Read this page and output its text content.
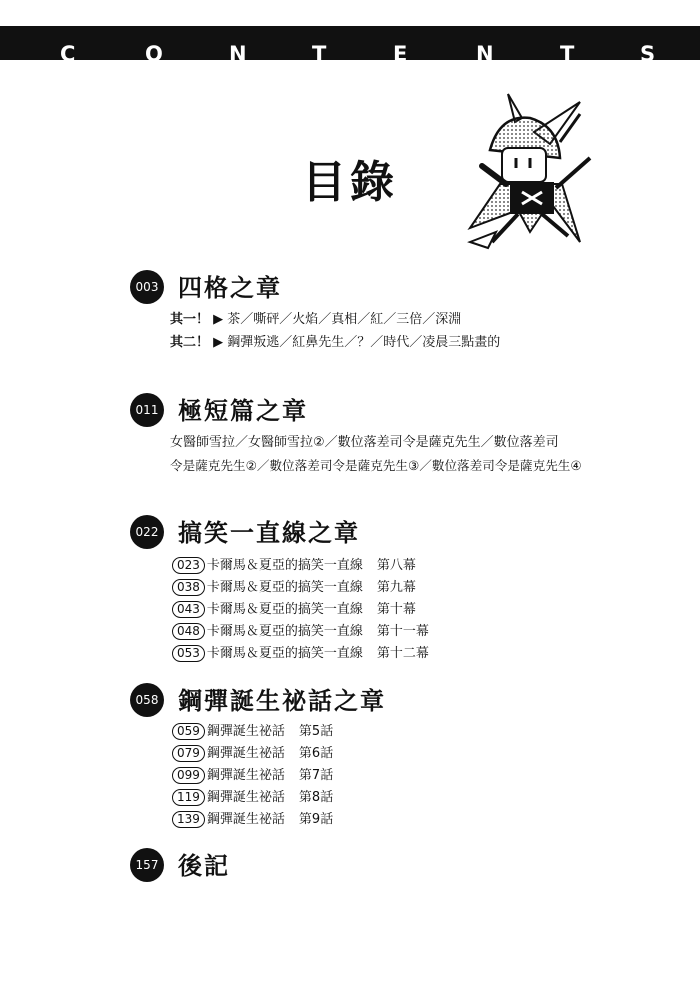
C	O	N	T	E	N	T	S
目錄
003 四格之章
其一！ ▶ 茶／嘶砰／火焰／真相／紅／三倍／深淵
其二！ ▶ 鋼彈叛逃／紅鼻先生／？／時代／凌晨三點畫的
011 極短篇之章
女醫師雪拉／女醫師雪拉②／數位落差司令是薩克先生／數位落差司
令是薩克先生②／數位落差司令是薩克先生③／數位落差司令是薩克先生④
022 搞笑一直線之章
023 卡爾馬＆夏亞的搞笑一直線 第八幕
038 卡爾馬＆夏亞的搞笑一直線 第九幕
043 卡爾馬＆夏亞的搞笑一直線 第十幕
048 卡爾馬＆夏亞的搞笑一直線 第十一幕
053 卡爾馬＆夏亞的搞笑一直線 第十二幕
058 鋼彈誕生祕話之章
059 鋼彈誕生祕話 第5話
079 鋼彈誕生祕話 第6話
099 鋼彈誕生祕話 第7話
119 鋼彈誕生祕話 第8話
139 鋼彈誕生祕話 第9話
157 後記
